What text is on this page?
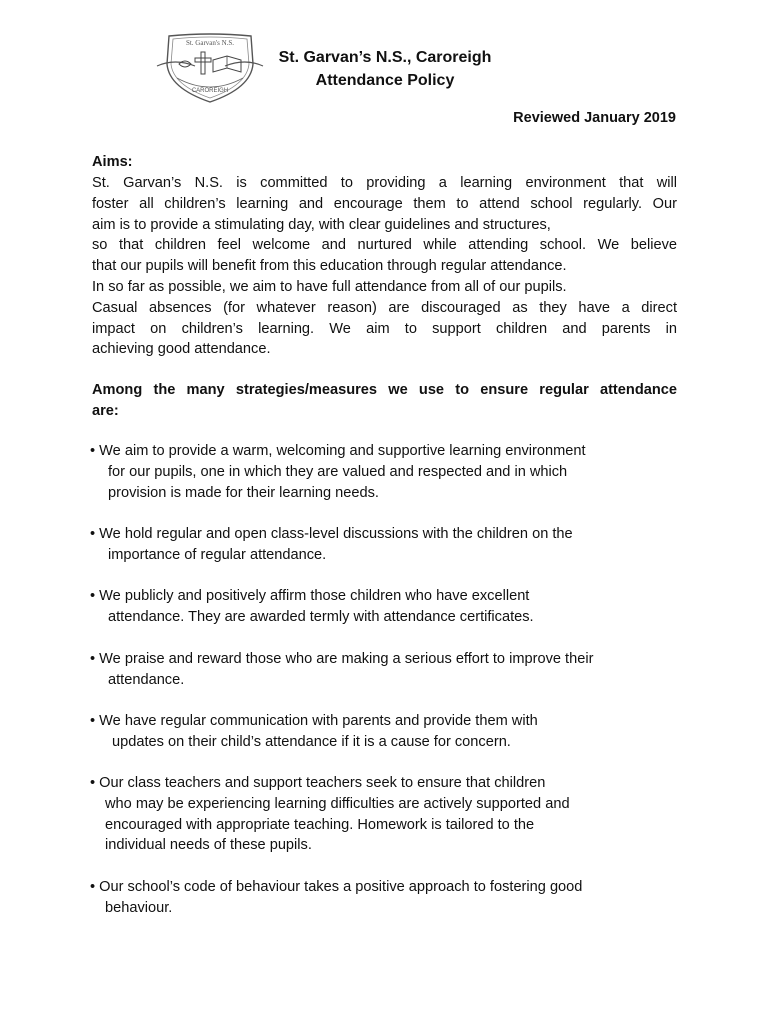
St. Garvan's N.S.
CAROREIGH
St. Garvan’s N.S., Caroreigh
Attendance Policy
Reviewed January 2019
Aims:
St. Garvan’s N.S. is committed to providing a learning environment that will
foster all children’s learning and encourage them to attend school regularly. Our
aim is to provide a stimulating day, with clear guidelines and structures,
so that children feel welcome and nurtured while attending school. We believe
that our pupils will benefit from this education through regular attendance.
In so far as possible, we aim to have full attendance from all of our pupils.
Casual absences (for whatever reason) are discouraged as they have a direct
impact on children’s learning. We aim to support children and parents in
achieving good attendance.
Among the many strategies/measures we use to ensure regular attendance
are:
• We aim to provide a warm, welcoming and supportive learning environment
for our pupils, one in which they are valued and respected and in which
provision is made for their learning needs.
• We hold regular and open class-level discussions with the children on the
importance of regular attendance.
• We publicly and positively affirm those children who have excellent
attendance. They are awarded termly with attendance certificates.
• We praise and reward those who are making a serious effort to improve their
attendance.
• We have regular communication with parents and provide them with
updates on their child’s attendance if it is a cause for concern.
• Our class teachers and support teachers seek to ensure that children
who may be experiencing learning difficulties are actively supported and
encouraged with appropriate teaching. Homework is tailored to the
individual needs of these pupils.
• Our school’s code of behaviour takes a positive approach to fostering good
behaviour.
